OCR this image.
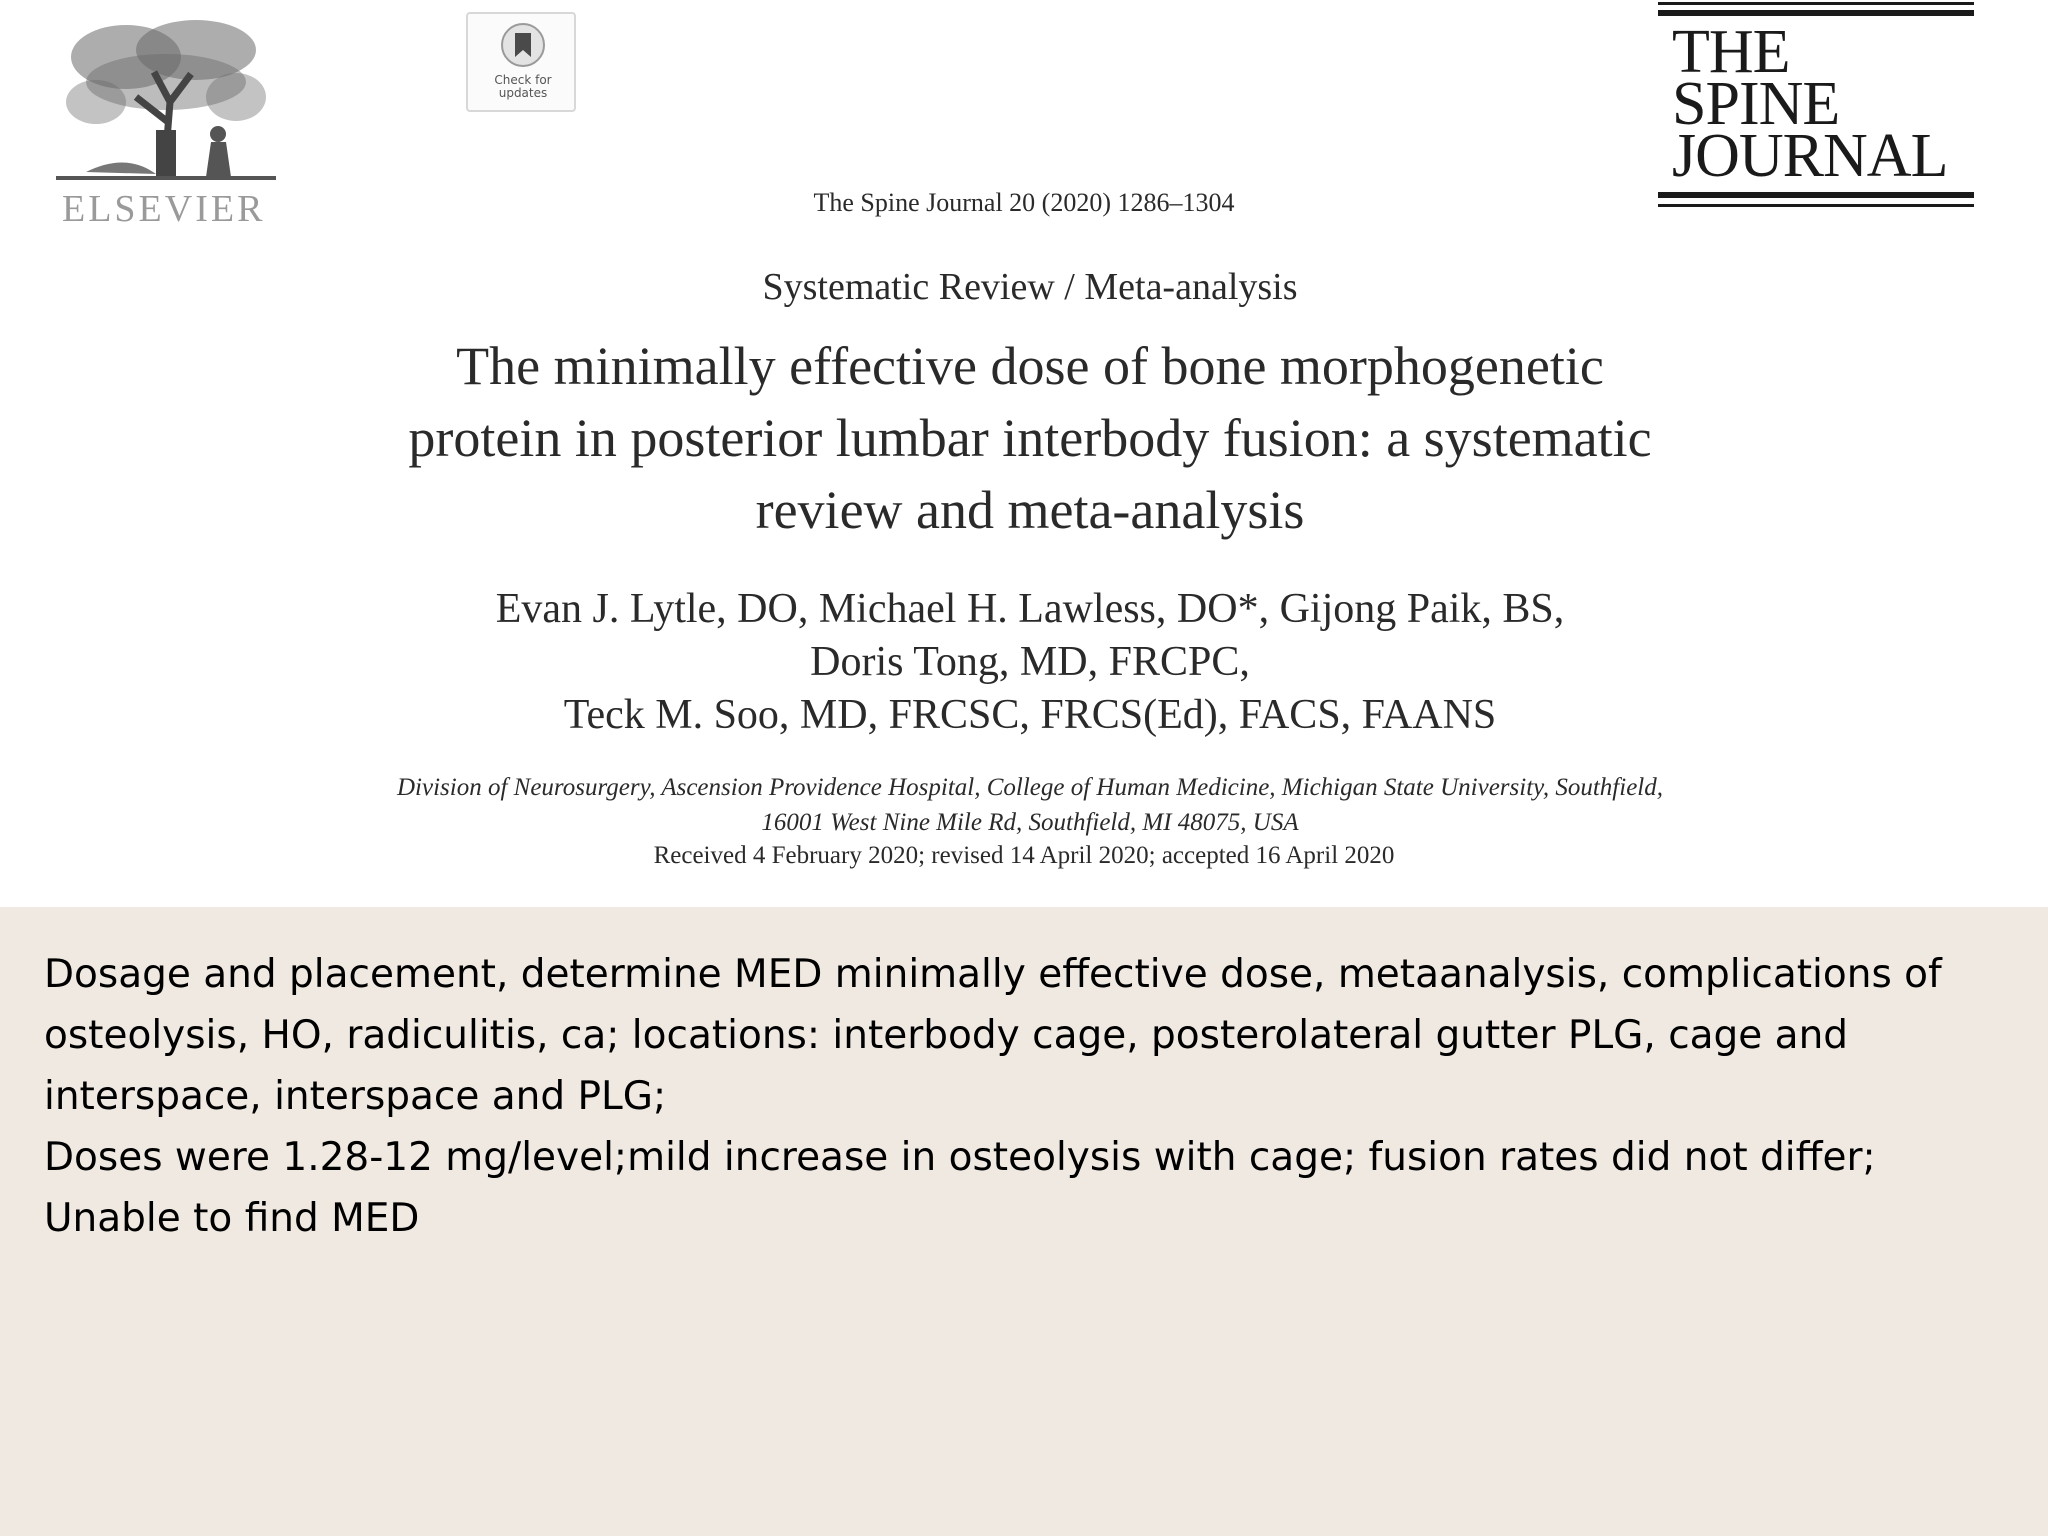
ELSEVIER
Check for updates
THE
SPINE
JOURNAL
The Spine Journal 20 (2020) 1286–1304
Systematic Review / Meta-analysis
The minimally effective dose of bone morphogenetic
protein in posterior lumbar interbody fusion: a systematic
review and meta-analysis
Evan J. Lytle, DO, Michael H. Lawless, DO*, Gijong Paik, BS,
Doris Tong, MD, FRCPC,
Teck M. Soo, MD, FRCSC, FRCS(Ed), FACS, FAANS
Division of Neurosurgery, Ascension Providence Hospital, College of Human Medicine, Michigan State University, Southfield,
16001 West Nine Mile Rd, Southfield, MI 48075, USA
Received 4 February 2020; revised 14 April 2020; accepted 16 April 2020

Dosage and placement, determine MED minimally effective dose, metaanalysis, complications of osteolysis, HO, radiculitis, ca; locations: interbody cage, posterolateral gutter PLG, cage and interspace, interspace and PLG;

Doses were 1.28-12 mg/level;mild increase in osteolysis with cage; fusion rates did not differ;

Unable to find MED
